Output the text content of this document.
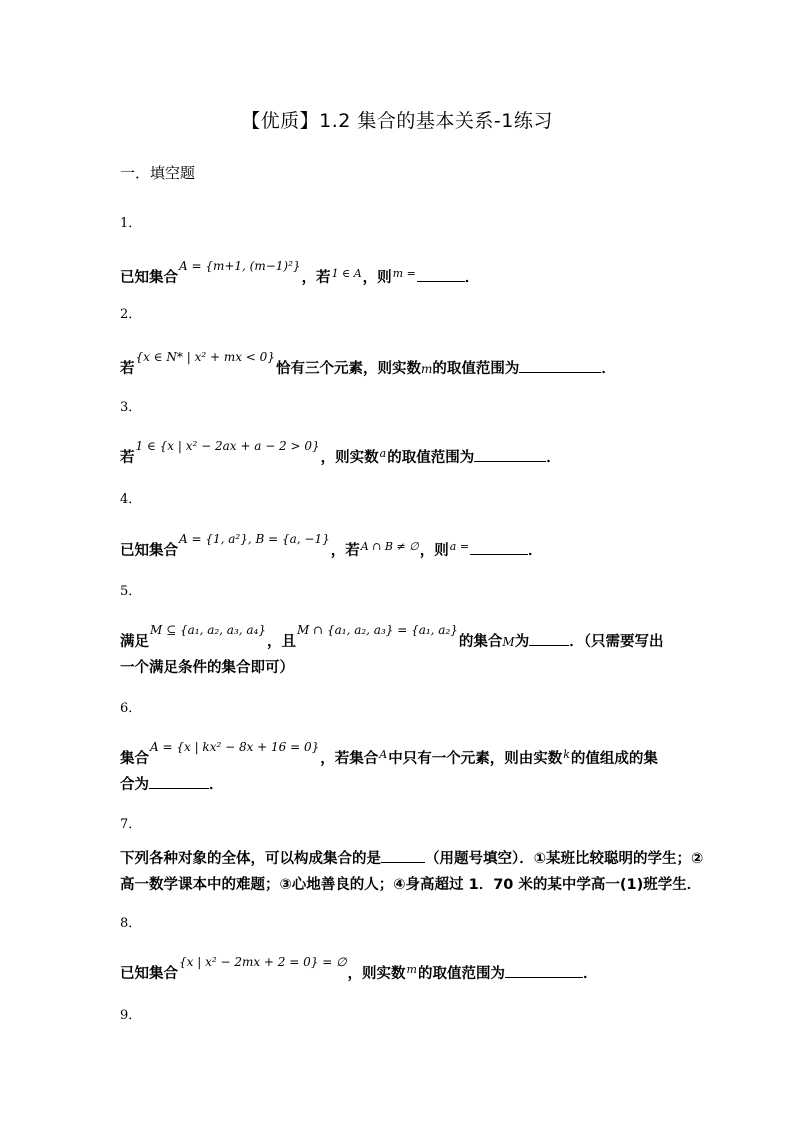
【优质】1.2 集合的基本关系-1练习
一．填空题
1．
已知集合$^{A = \{m+1, (m-1)^2\}}$，若$^{1 \in A}$，则$^{m =}$	．
2．
若$^{\{x \in N* | x^2 + mx < 0\}}$恰有三个元素，则实数m的取值范围为	．
3．
若$^{1 \in \{x | x^2 - 2ax + a - 2 > 0\}}$，则实数$^a$的取值范围为	．
4．
已知集合$^{A = \{1, a^2\}, B = \{a, -1\}}$，若$^{A \cap B \ne \emptyset}$，则$^{a =}$	．
5．
满足$^{M ⊆ \{a_1, a_2, a_3, a_4\}}$，且$^{M \cap \{a_1, a_2, a_3\} = \{a_1, a_2\}}$的集合M为	．（只需要写出
一个满足条件的集合即可）
6．
集合$^{A = \{x | kx^2 - 8x + 16 = 0\}}$，若集合$^A$中只有一个元素，则由实数$^k$的值组成的集
合为	．
7．
下列各种对象的全体，可以构成集合的是	（用题号填空）．①某班比较聪明的学生；②
高一数学课本中的难题；③心地善良的人；④身高超过 1．70 米的某中学高一(1)班学生．
8．
已知集合$^{\{x | x^2 - 2mx + 2 = 0\} = \emptyset}$，则实数$^m$的取值范围为	．
9．
